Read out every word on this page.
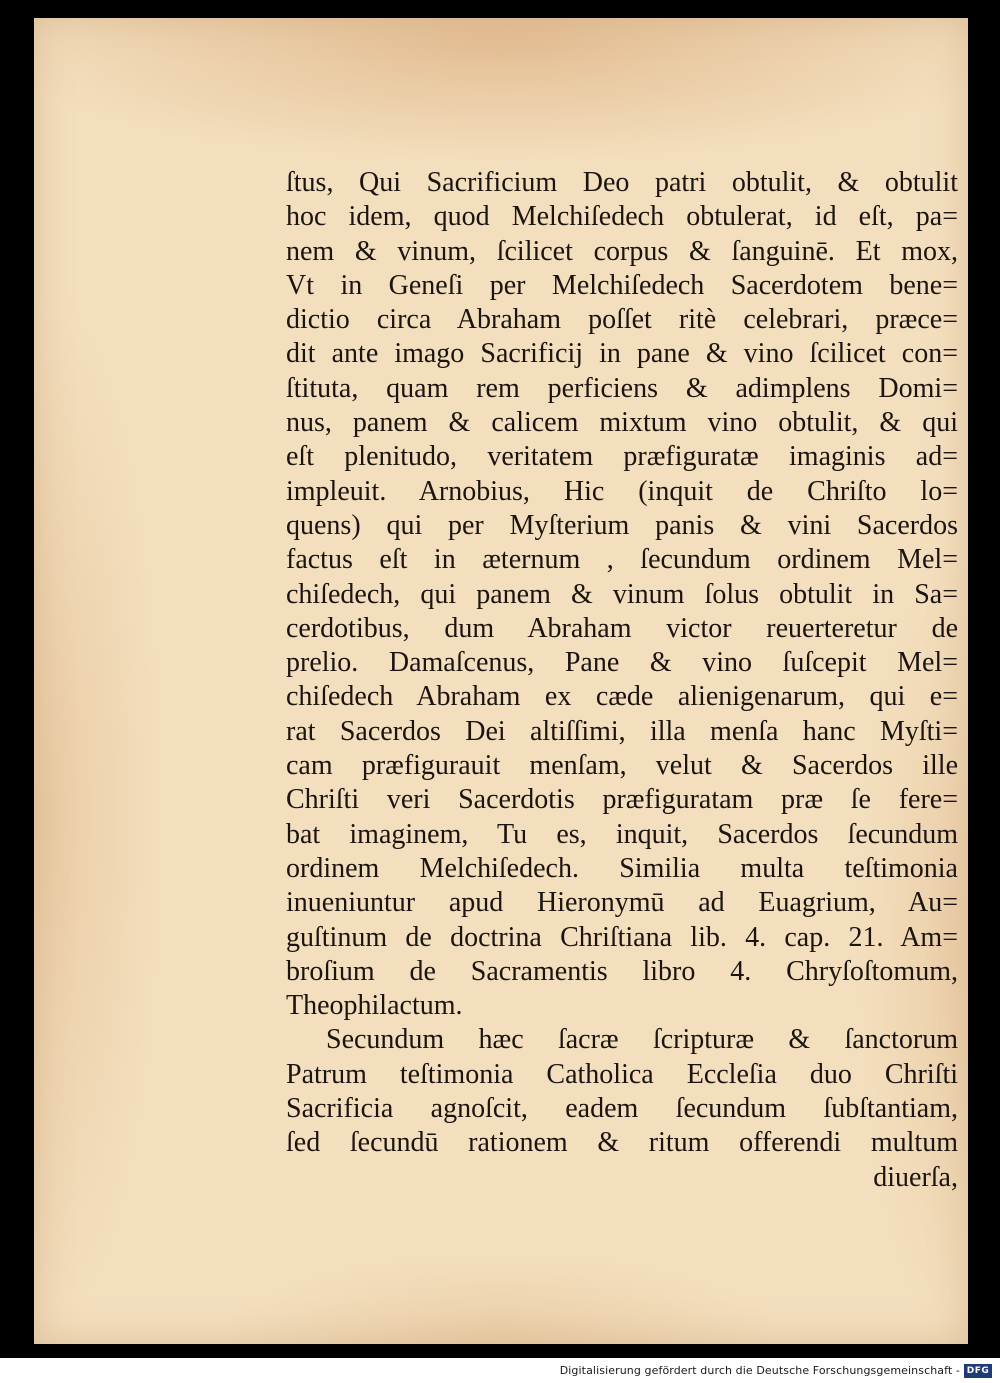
ſtus, Qui Sacrificium Deo patri obtulit, & obtulit
hoc idem, quod Melchiſedech obtulerat, id eſt, pa=
nem & vinum, ſcilicet corpus & ſanguinē. Et mox,
Vt in Geneſi per Melchiſedech Sacerdotem bene=
dictio circa Abraham poſſet ritè celebrari, præce=
dit ante imago Sacrificij in pane & vino ſcilicet con=
ſtituta, quam rem perficiens & adimplens Domi=
nus, panem & calicem mixtum vino obtulit, & qui
eſt plenitudo, veritatem præfiguratæ imaginis ad=
impleuit. Arnobius, Hic (inquit de Chriſto lo=
quens) qui per Myſterium panis & vini Sacerdos
factus eſt in æternum , ſecundum ordinem Mel=
chiſedech, qui panem & vinum ſolus obtulit in Sa=
cerdotibus, dum Abraham victor reuerteretur de
prelio. Damaſcenus, Pane & vino ſuſcepit Mel=
chiſedech Abraham ex cæde alienigenarum, qui e=
rat Sacerdos Dei altiſſimi, illa menſa hanc Myſti=
cam præfigurauit menſam, velut & Sacerdos ille
Chriſti veri Sacerdotis præfiguratam præ ſe fere=
bat imaginem, Tu es, inquit, Sacerdos ſecundum
ordinem Melchiſedech. Similia multa teſtimonia
inueniuntur apud Hieronymū ad Euagrium, Au=
guſtinum de doctrina Chriſtiana lib. 4. cap. 21. Am=
broſium de Sacramentis libro 4. Chryſoſtomum,
Theophilactum.
Secundum hæc ſacræ ſcripturæ & ſanctorum
Patrum teſtimonia Catholica Eccleſia duo Chriſti
Sacrificia agnoſcit, eadem ſecundum ſubſtantiam,
ſed ſecundū rationem & ritum offerendi multum
diuerſa,
Digitalisierung gefördert durch die Deutsche Forschungsgemeinschaft - DFG
